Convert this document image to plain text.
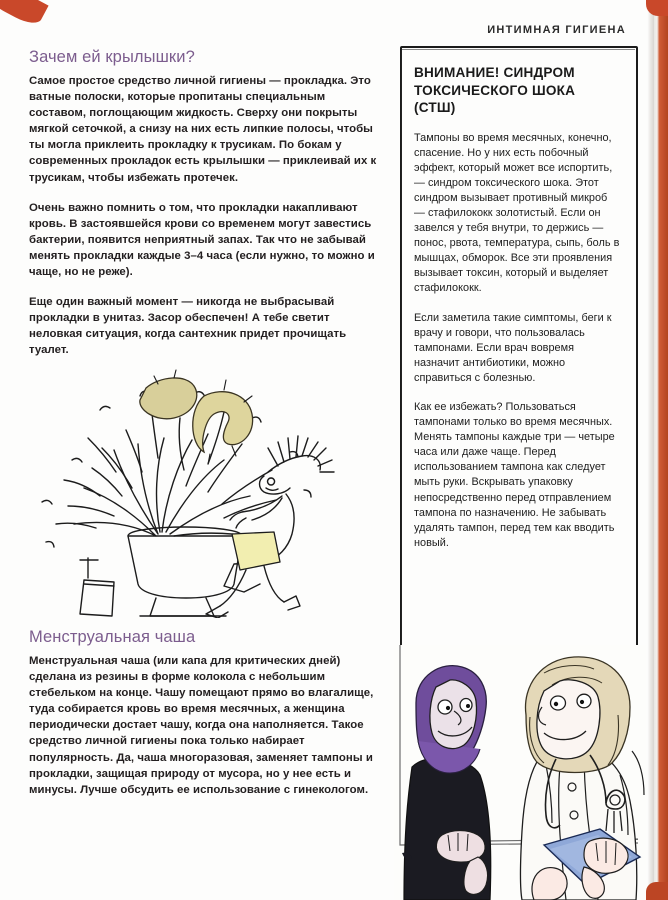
ИНТИМНАЯ ГИГИЕНА
Зачем ей крылышки?

Самое простое средство личной гигиены — прокладка. Это ватные полоски, которые пропитаны специальным составом, поглощающим жидкость. Сверху они покрыты мягкой сеточкой, а снизу на них есть липкие полосы, чтобы ты могла приклеить прокладку к трусикам. По бокам у современных прокладок есть крылышки — приклеивай их к трусикам, чтобы избежать протечек.

Очень важно помнить о том, что прокладки накапливают кровь. В застоявшейся крови со временем могут завестись бактерии, появится неприятный запах. Так что не забывай менять прокладки каждые 3–4 часа (если нужно, то можно и чаще, но не реже).

Еще один важный момент — никогда не выбрасывай прокладки в унитаз. Засор обеспечен! А тебе светит неловкая ситуация, когда сантехник придет прочищать туалет.

Менструальная чаша

Менструальная чаша (или капа для критических дней) сделана из резины в форме колокола с небольшим стебельком на конце. Чашу помещают прямо во влагалище, туда собирается кровь во время месячных, а женщина периодически достает чашу, когда она наполняется. Такое средство личной гигиены пока только набирает популярность. Да, чаша многоразовая, заменяет тампоны и прокладки, защищая природу от мусора, но у нее есть и минусы. Лучше обсудить ее использование с гинекологом.

ВНИМАНИЕ! СИНДРОМ ТОКСИЧЕСКОГО ШОКА (СТШ)

Тампоны во время месячных, конечно, спасение. Но у них есть побочный эффект, который может все испортить, — синдром токсического шока. Этот синдром вызывает противный микроб — стафилококк золотистый. Если он завелся у тебя внутри, то держись — понос, рвота, температура, сыпь, боль в мышцах, обморок. Все эти проявления вызывает токсин, который и выделяет стафилококк.

Если заметила такие симптомы, беги к врачу и говори, что пользовалась тампонами. Если врач вовремя назначит антибиотики, можно справиться с болезнью.

Как ее избежать? Пользоваться тампонами только во время месячных. Менять тампоны каждые три — четыре часа или даже чаще. Перед использованием тампона как следует мыть руки. Вскрывать упаковку непосредственно перед отправлением тампона по назначению. Не забывать удалять тампон, перед тем как вводить новый.
